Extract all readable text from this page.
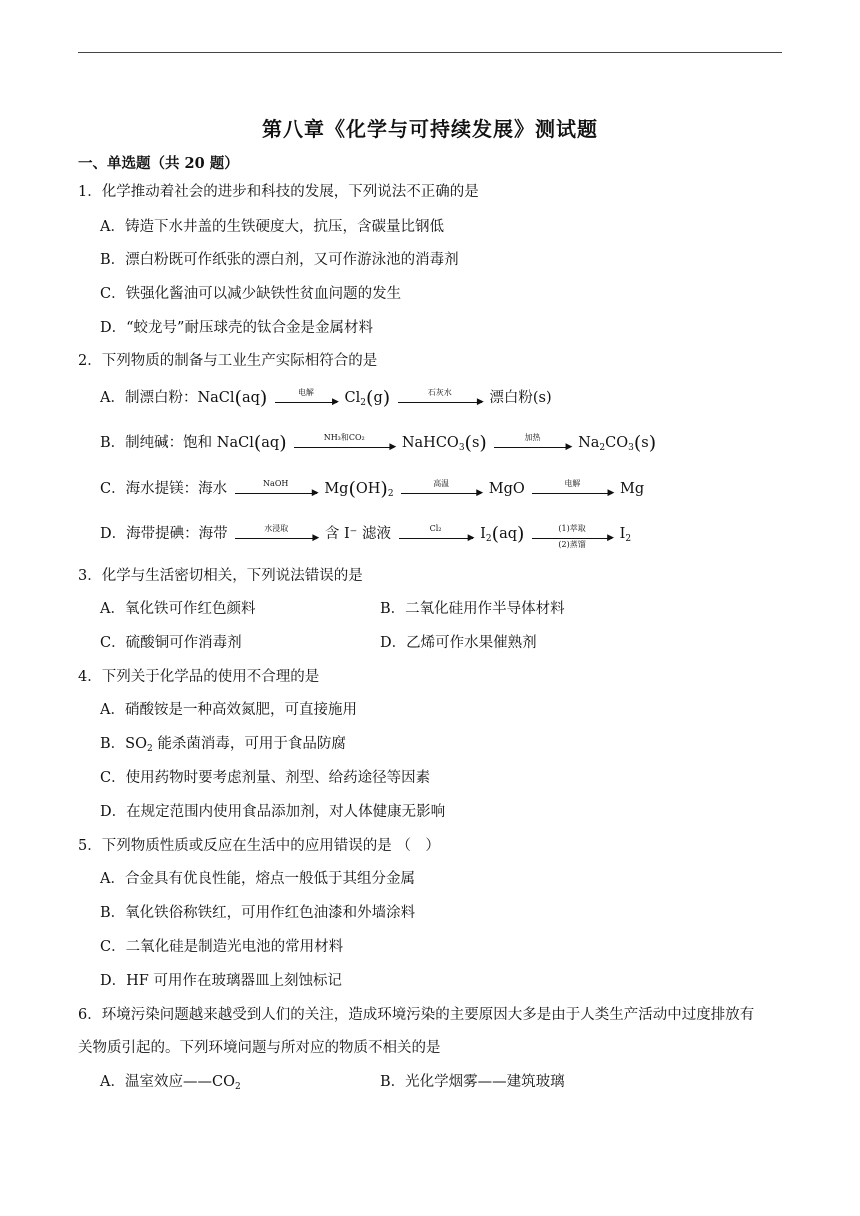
第八章《化学与可持续发展》测试题
一、单选题（共 20 题）
1．化学推动着社会的进步和科技的发展，下列说法不正确的是
A．铸造下水井盖的生铁硬度大，抗压，含碳量比钢低
B．漂白粉既可作纸张的漂白剂，又可作游泳池的消毒剂
C．铁强化酱油可以减少缺铁性贫血问题的发生
D．“蛟龙号”耐压球壳的钛合金是金属材料
2．下列物质的制备与工业生产实际相符合的是
A．制漂白粉：NaCl(aq)	电解
▶ $Cl_2(g)$	石灰水
▶ 漂白粉(s)
B．制纯碱：饱和 NaCl(aq)	NH₃和CO₂
▶ NaHCO$_3$(s)	加热
▶ $Na_2CO_3(s)$
C．海水提镁：海水	NaOH
▶ $Mg(OH)_2$
高温
▶ MgO	电解
▶ Mg
D．海带提碘：海带	水浸取
▶ 含 I⁻ 滤液	Cl₂
▶ $I_2(aq)$	(1)萃取
(2)蒸馏
▶ $I_2$
3．化学与生活密切相关，下列说法错误的是
A．氧化铁可作红色颜料	B．二氧化硅用作半导体材料
C．硫酸铜可作消毒剂	D．乙烯可作水果催熟剂
4．下列关于化学品的使用不合理的是
A．硝酸铵是一种高效氮肥，可直接施用
B．$SO_2$ 能杀菌消毒，可用于食品防腐
C．使用药物时要考虑剂量、剂型、给药途径等因素
D．在规定范围内使用食品添加剂，对人体健康无影响
5．下列物质性质或反应在生活中的应用错误的是 （　）
A．合金具有优良性能，熔点一般低于其组分金属
B．氧化铁俗称铁红，可用作红色油漆和外墙涂料
C．二氧化硅是制造光电池的常用材料
D．HF 可用作在玻璃器皿上刻蚀标记
6．环境污染问题越来越受到人们的关注，造成环境污染的主要原因大多是由于人类生产活动中过度排放有
关物质引起的。下列环境问题与所对应的物质不相关的是
A．温室效应$——CO_2$	B．光化学烟雾——建筑玻璃
